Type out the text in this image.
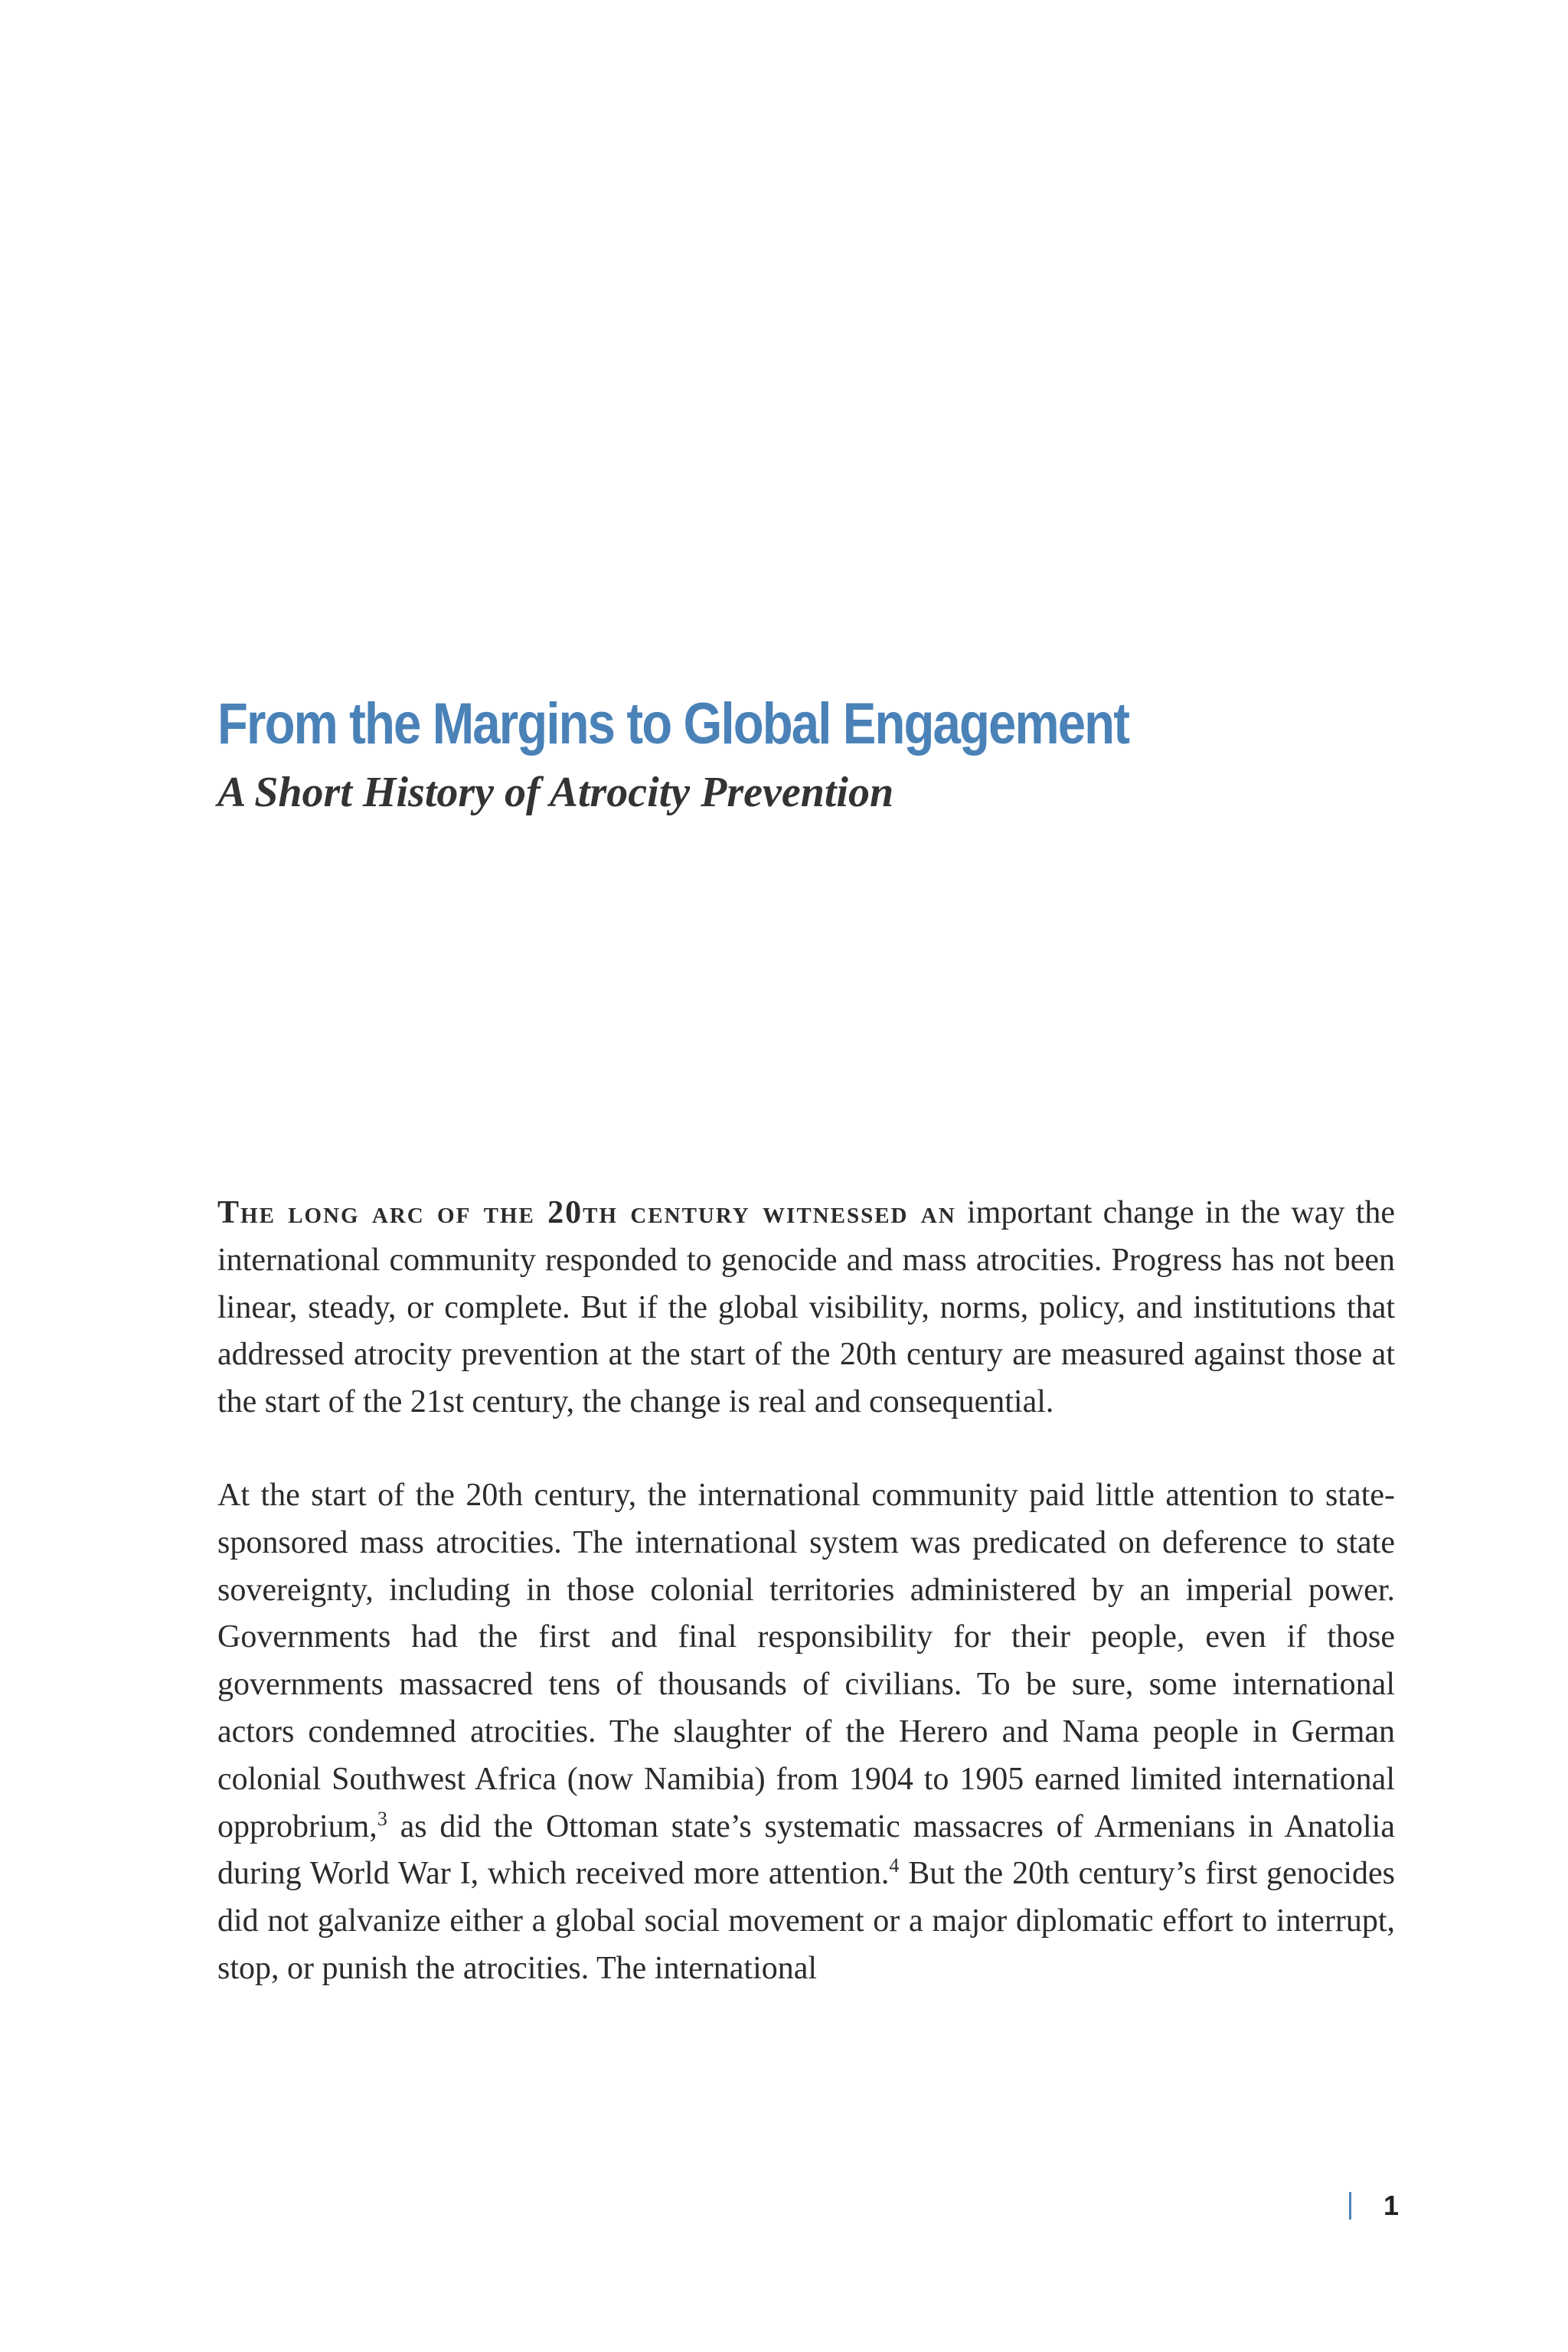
From the Margins to Global Engagement
A Short History of Atrocity Prevention

The long arc of the 20th century witnessed an important change in the way the international community responded to genocide and mass atrocities. Progress has not been linear, steady, or complete. But if the global visibility, norms, policy, and institutions that addressed atrocity prevention at the start of the 20th century are measured against those at the start of the 21st century, the change is real and consequential.

At the start of the 20th century, the international community paid little attention to state-sponsored mass atrocities. The international system was predicated on deference to state sovereignty, including in those colonial territories administered by an imperial power. Governments had the first and final responsibility for their people, even if those governments massacred tens of thousands of civilians. To be sure, some international actors condemned atrocities. The slaughter of the Herero and Nama people in German colonial Southwest Africa (now Namibia) from 1904 to 1905 earned limited international opprobrium,$^3$ as did the Ottoman state’s systematic massacres of Armenians in Anatolia during World War I, which received more attention.$^4$ But the 20th century’s first genocides did not galvanize either a global social movement or a major diplomatic effort to interrupt, stop, or punish the atrocities. The international

1
